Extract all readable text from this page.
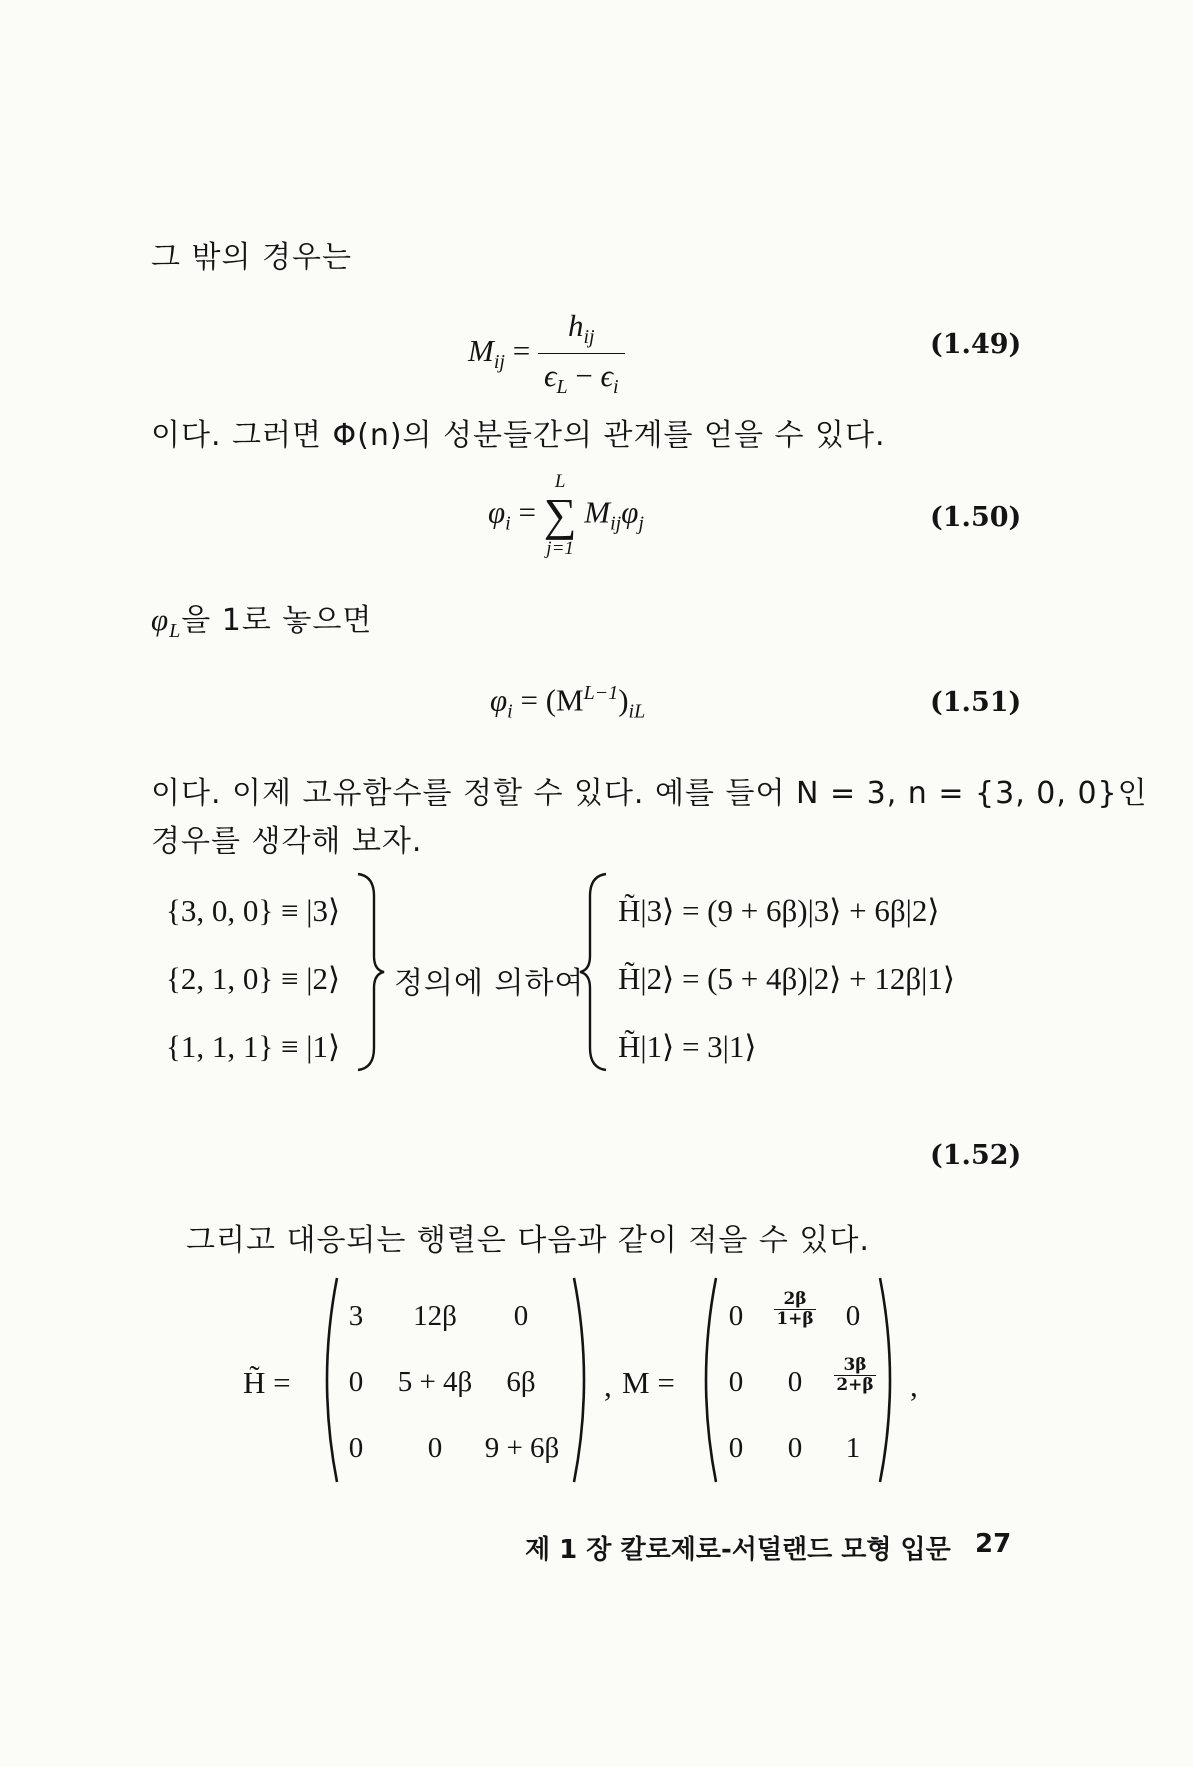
그 밖의 경우는
$M_{ij} = \frac{h_{ij}}{\epsilon_L - \epsilon_i}$	(1.49)
이다. 그러면 Φ(n)의 성분들간의 관계를 얻을 수 있다.
$\varphi_i$ =
L
∑
j=1
$M_{ij}\varphi_j$	(1.50)
$\varphi_L$을 1로 놓으면
$\varphi_i = (M^{L-1})_{iL}$	(1.51)
이다. 이제 고유함수를 정할 수 있다. 예를 들어 N = 3, n = {3, 0, 0}인
경우를 생각해 보자.
{3, 0, 0} ≡ |3⟩
{2, 1, 0} ≡ |2⟩
{1, 1, 1} ≡ |1⟩
정의에 의하여
H̃|3⟩ = (9 + 6β)|3⟩ + 6β|2⟩
H̃|2⟩ = (5 + 4β)|2⟩ + 12β|1⟩
H̃|1⟩ = 3|1⟩
(1.52)
그리고 대응되는 행렬은 다음과 같이 적을 수 있다.
H̃ =
3	12β	0
0	5 + 4β	6β
0	0	9 + 6β
, M =
0	$\frac{2\beta}{1+\beta}$	0
0	0	$\frac{3\beta}{2+\beta}$
0	0	1
,
제 1 장 칼로제로-서덜랜드 모형 입문 27
